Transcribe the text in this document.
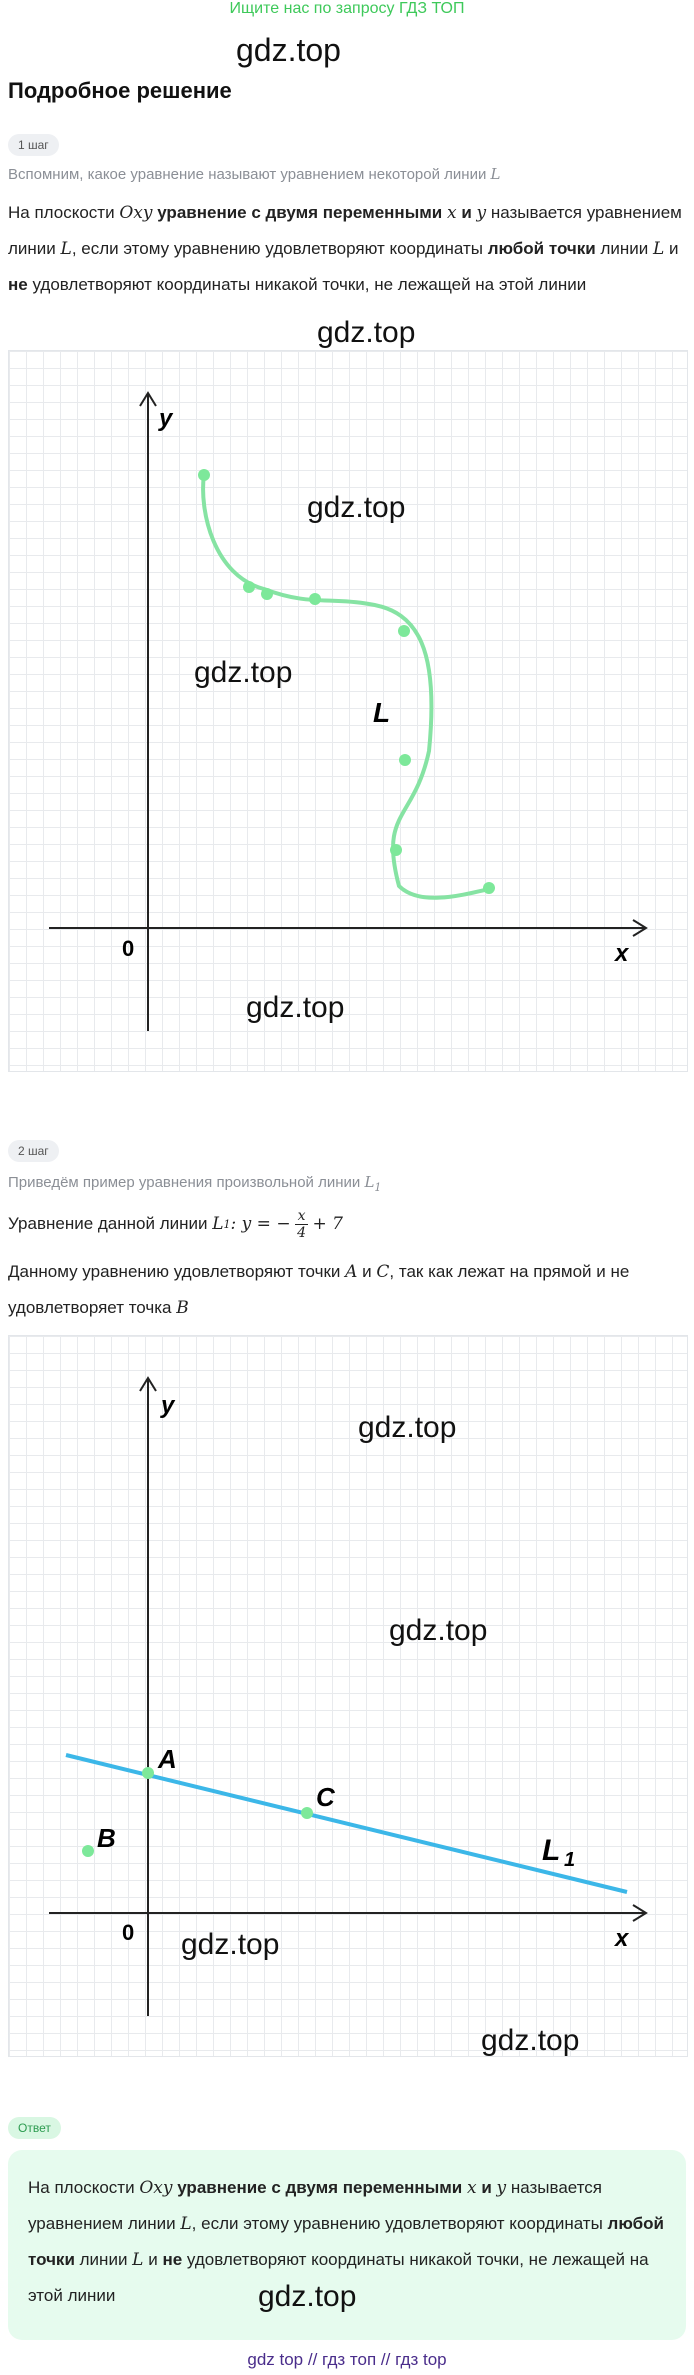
Ищите нас по запросу ГДЗ ТОП
gdz.top
Подробное решение
1 шаг
Вспомним, какое уравнение называют уравнением некоторой линии L
На плоскости Oxy уравнение с двумя переменными x и y называется уравнением линии L, если этому уравнению удовлетворяют координаты любой точки линии L и не удовлетворяют координаты никакой точки, не лежащей на этой линии
gdz.top
y
x
0
L
gdz.top
gdz.top
gdz.top
2 шаг
Приведём пример уравнения произвольной линии $L_1$
Уравнение данной линии
L 1 : y = − $\frac{x}{4} + 7$
Данному уравнению удовлетворяют точки A и C, так как лежат на прямой и не удовлетворяет точка B
y
x
0
A
C
B	L 1
gdz.top
gdz.top
gdz.top
gdz.top
Ответ
На плоскости Oxy уравнение с двумя переменными x и y называется уравнением линии L, если этому уравнению удовлетворяют координаты любой точки линии L и не удовлетворяют координаты никакой точки, не лежащей на этой линии	gdz.top
gdz top // гдз топ // гдз top
